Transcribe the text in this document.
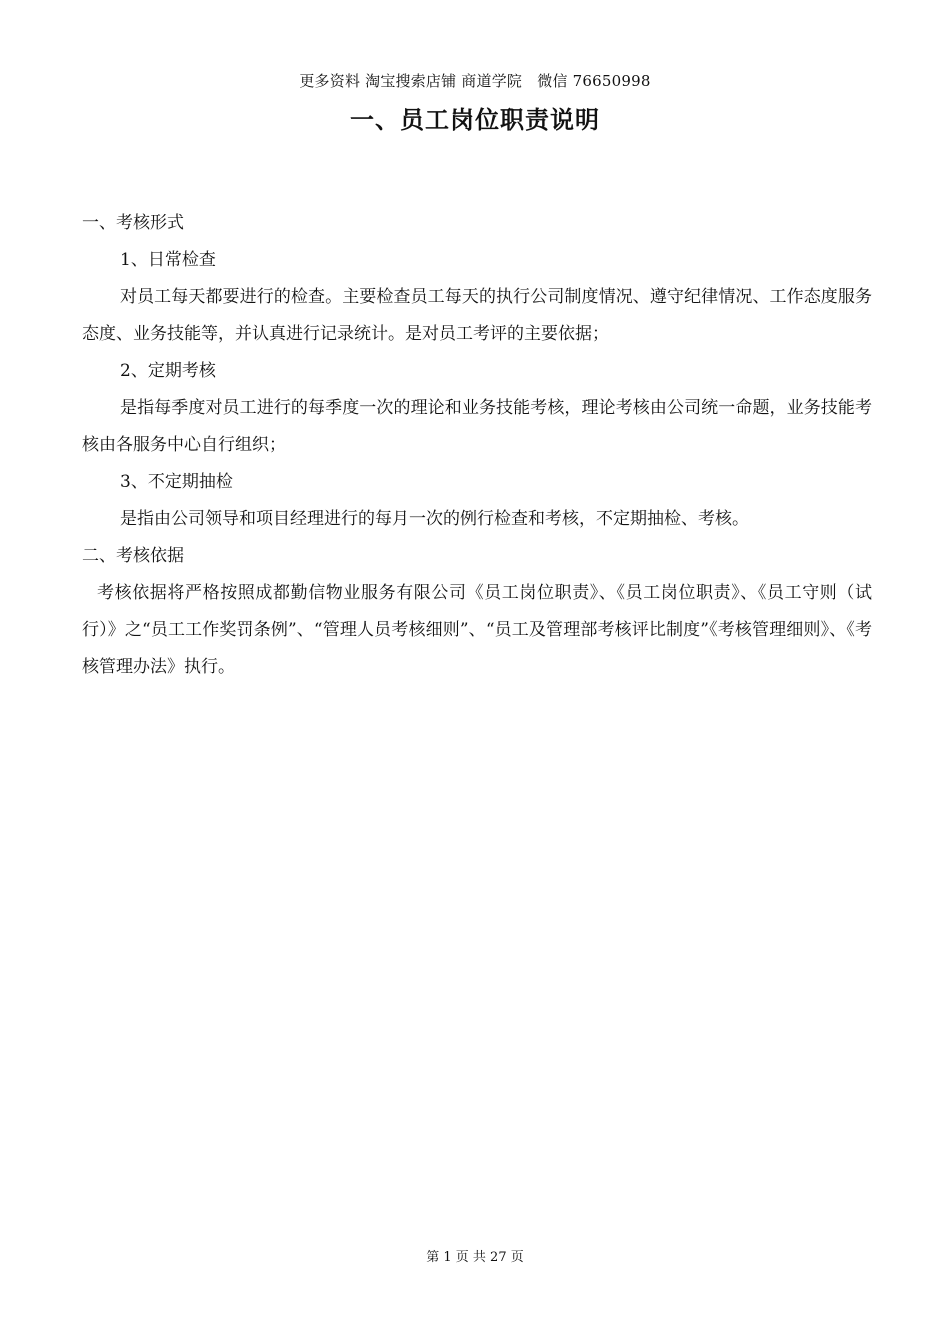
更多资料 淘宝搜索店铺 商道学院　微信 76650998
一、员工岗位职责说明

一、考核形式

1、日常检查

对员工每天都要进行的检查。主要检查员工每天的执行公司制度情况、遵守纪律情况、工作态度服务态度、业务技能等，并认真进行记录统计。是对员工考评的主要依据；

2、定期考核

是指每季度对员工进行的每季度一次的理论和业务技能考核，理论考核由公司统一命题，业务技能考核由各服务中心自行组织；

3、不定期抽检

是指由公司领导和项目经理进行的每月一次的例行检查和考核，不定期抽检、考核。

二、考核依据

考核依据将严格按照成都勤信物业服务有限公司《员工岗位职责》、《员工岗位职责》、《员工守则（试行）》之“员工工作奖罚条例”、“管理人员考核细则”、“员工及管理部考核评比制度”《考核管理细则》、《考核管理办法》执行。

第 1 页 共 27 页
